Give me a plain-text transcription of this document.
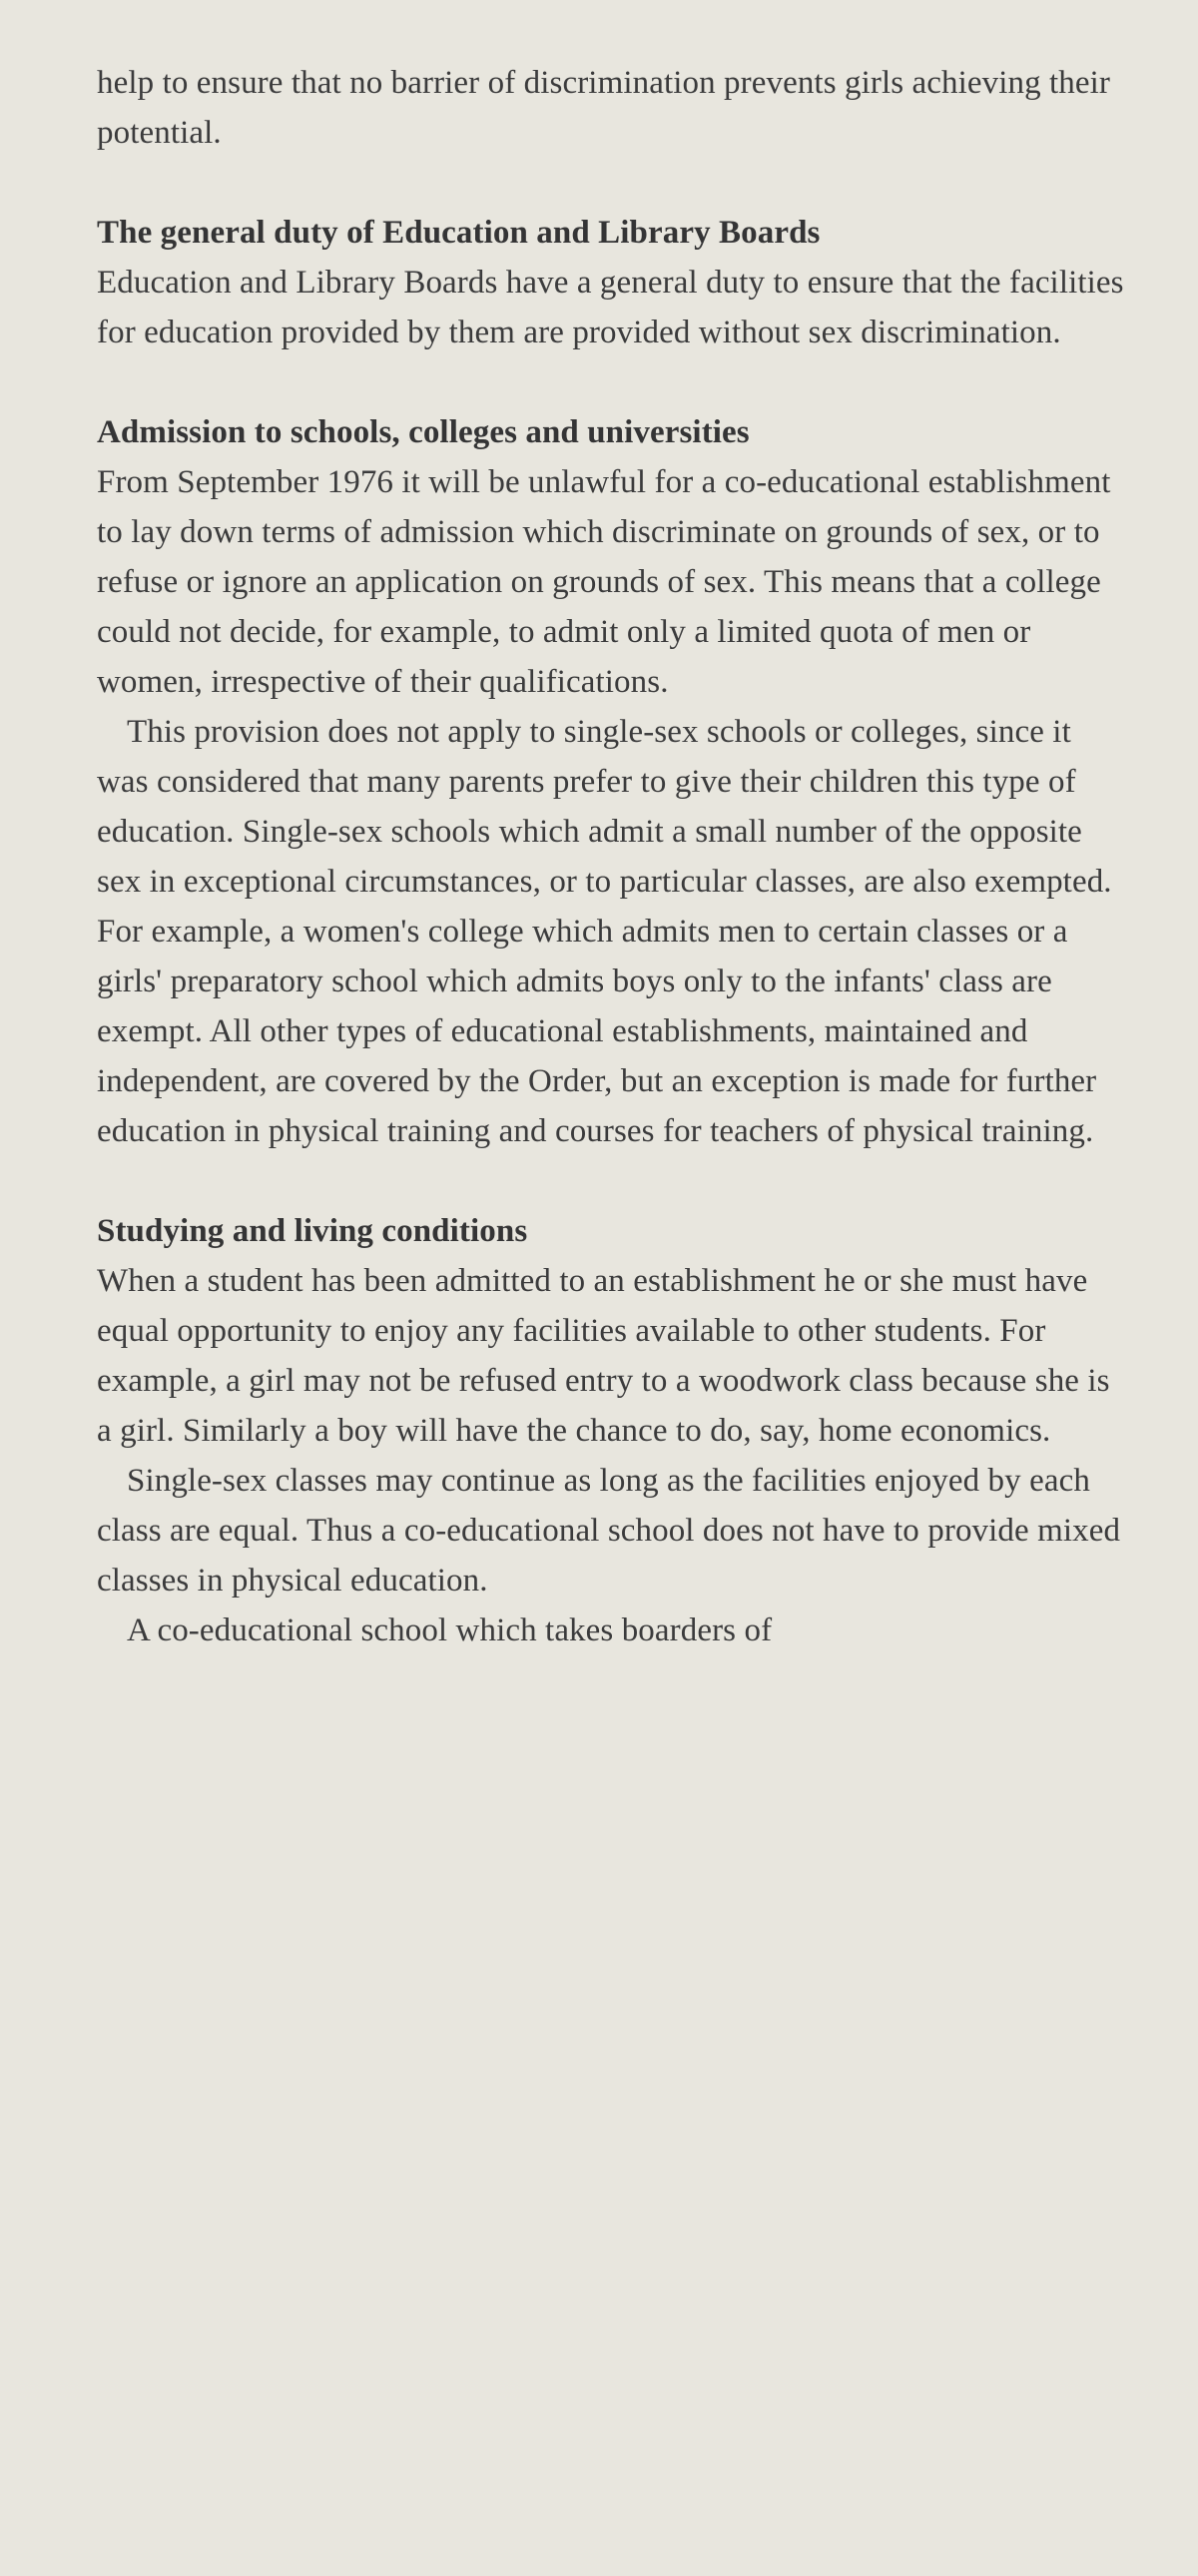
help to ensure that no barrier of discrimination prevents girls achieving their potential.

The general duty of Education and Library Boards

Education and Library Boards have a general duty to ensure that the facilities for education provided by them are provided without sex discrimination.

Admission to schools, colleges and universities

From September 1976 it will be unlawful for a co-educational establishment to lay down terms of admission which discriminate on grounds of sex, or to refuse or ignore an application on grounds of sex. This means that a college could not decide, for example, to admit only a limited quota of men or women, irrespective of their qualifications.

This provision does not apply to single-sex schools or colleges, since it was considered that many parents prefer to give their children this type of education. Single-sex schools which admit a small number of the opposite sex in exceptional circumstances, or to particular classes, are also exempted. For example, a women's college which admits men to certain classes or a girls' preparatory school which admits boys only to the infants' class are exempt. All other types of educational establishments, maintained and independent, are covered by the Order, but an exception is made for further education in physical training and courses for teachers of physical training.

Studying and living conditions

When a student has been admitted to an establishment he or she must have equal opportunity to enjoy any facilities available to other students. For example, a girl may not be refused entry to a woodwork class because she is a girl. Similarly a boy will have the chance to do, say, home economics.

Single-sex classes may continue as long as the facilities enjoyed by each class are equal. Thus a co-educational school does not have to provide mixed classes in physical education.

A co-educational school which takes boarders of
